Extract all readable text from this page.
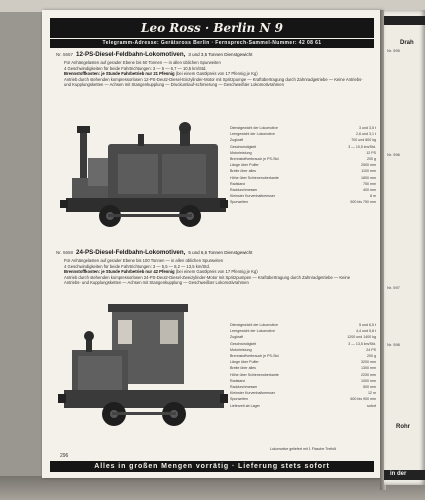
Leo Ross · Berlin N 9
Telegramm-Adresse: Gerätsross Berlin · Fernsprech-Sammel-Nummer: 42 08 61
Nr. 5657 12-PS-Diesel-Feldbahn-Lokomotiven, 3 und 3,5 Tonnen Dienstgewicht
Für Anhängelasten auf gerader Ebene bis 50 Tonnen — in allen üblichen Spurweiten
4 Geschwindigkeiten für beide Fahrtrichtungen: 3 — 5 — 6,7 — 10,5 km/Std.
Brennstoffkosten: je Stunde Fahrbetrieb nur 21 Pfennig (bei einem Gasölpreis von 17 Pfennig je Kg)
Antrieb durch stehenden kompressorlosen 12-PS-Deutz-Diesel-Einzylinder-Motor mit Spritzpumpe — Kraftübertragung durch Zahnradgetriebe — Keine Antriebs- und Kupplungsketten — Achsen mit Stangenkupplung — Druckumlauf-schmierung — Geschweißter Lokomotivrahmen
Dienstgewicht der Lokomotive	3 und 3,5 t
Leergewicht der Lokomotive	2,6 und 3,1 t
Zugkraft	700 und 800 kg
Geschwindigkeit	3 — 10,5 km/Std.
Motorleistung	12 PS
Brennstoffverbrauch je PS-Std.	200 g
Länge über Puffer	2500 mm
Breite über alles	1100 mm
Höhe über Schienenoberkante	1800 mm
Radstand	750 mm
Raddurchmesser	400 mm
Kleinster Kurvenhalbmesser	8 m
Spurweiten	500 bis 750 mm
Nr. 5658 24-PS-Diesel-Feldbahn-Lokomotiven, 5 und 6,5 Tonnen Dienstgewicht
Für Anhängelasten auf gerader Ebene bis 100 Tonnen — in allen üblichen Spurweiten
4 Geschwindigkeiten für beide Fahrtrichtungen: 3 — 5,5 — 8,2 — 13,5 km/Std.
Brennstoffkosten: je Stunde Fahrbetrieb nur 42 Pfennig (bei einem Gasölpreis von 17 Pfennig je Kg)
Antrieb durch stehenden kompressorlosen 24-PS-Deutz-Diesel-Zweizylinder-Motor mit Spritzpumpen — Kraftübertragung durch Zahnradgetriebe — Keine Antriebs- und Kupplungsketten — Achsen mit Stangenkupplung — Geschweißter Lokomotivrahmen
Dienstgewicht der Lokomotive	5 und 6,5 t
Leergewicht der Lokomotive	4,4 und 5,8 t
Zugkraft	1200 und 1400 kg
Geschwindigkeit	3 — 13,5 km/Std.
Motorleistung	24 PS
Brennstoffverbrauch je PS-Std.	200 g
Länge über Puffer	3200 mm
Breite über alles	1300 mm
Höhe über Schienenoberkante	2200 mm
Radstand	1000 mm
Raddurchmesser	500 mm
Kleinster Kurvenhalbmesser	12 m
Spurweiten	600 bis 900 mm
Lieferzeit ab Lager	sofort
Lokomotive geliefert mit 1 Flasche Treiböl
296
Alles in großen Mengen vorrätig · Lieferung stets sofort
Nr. 595
Drah
Nr. 596
Nr. 597
Nr. 598
Rohr
in der
